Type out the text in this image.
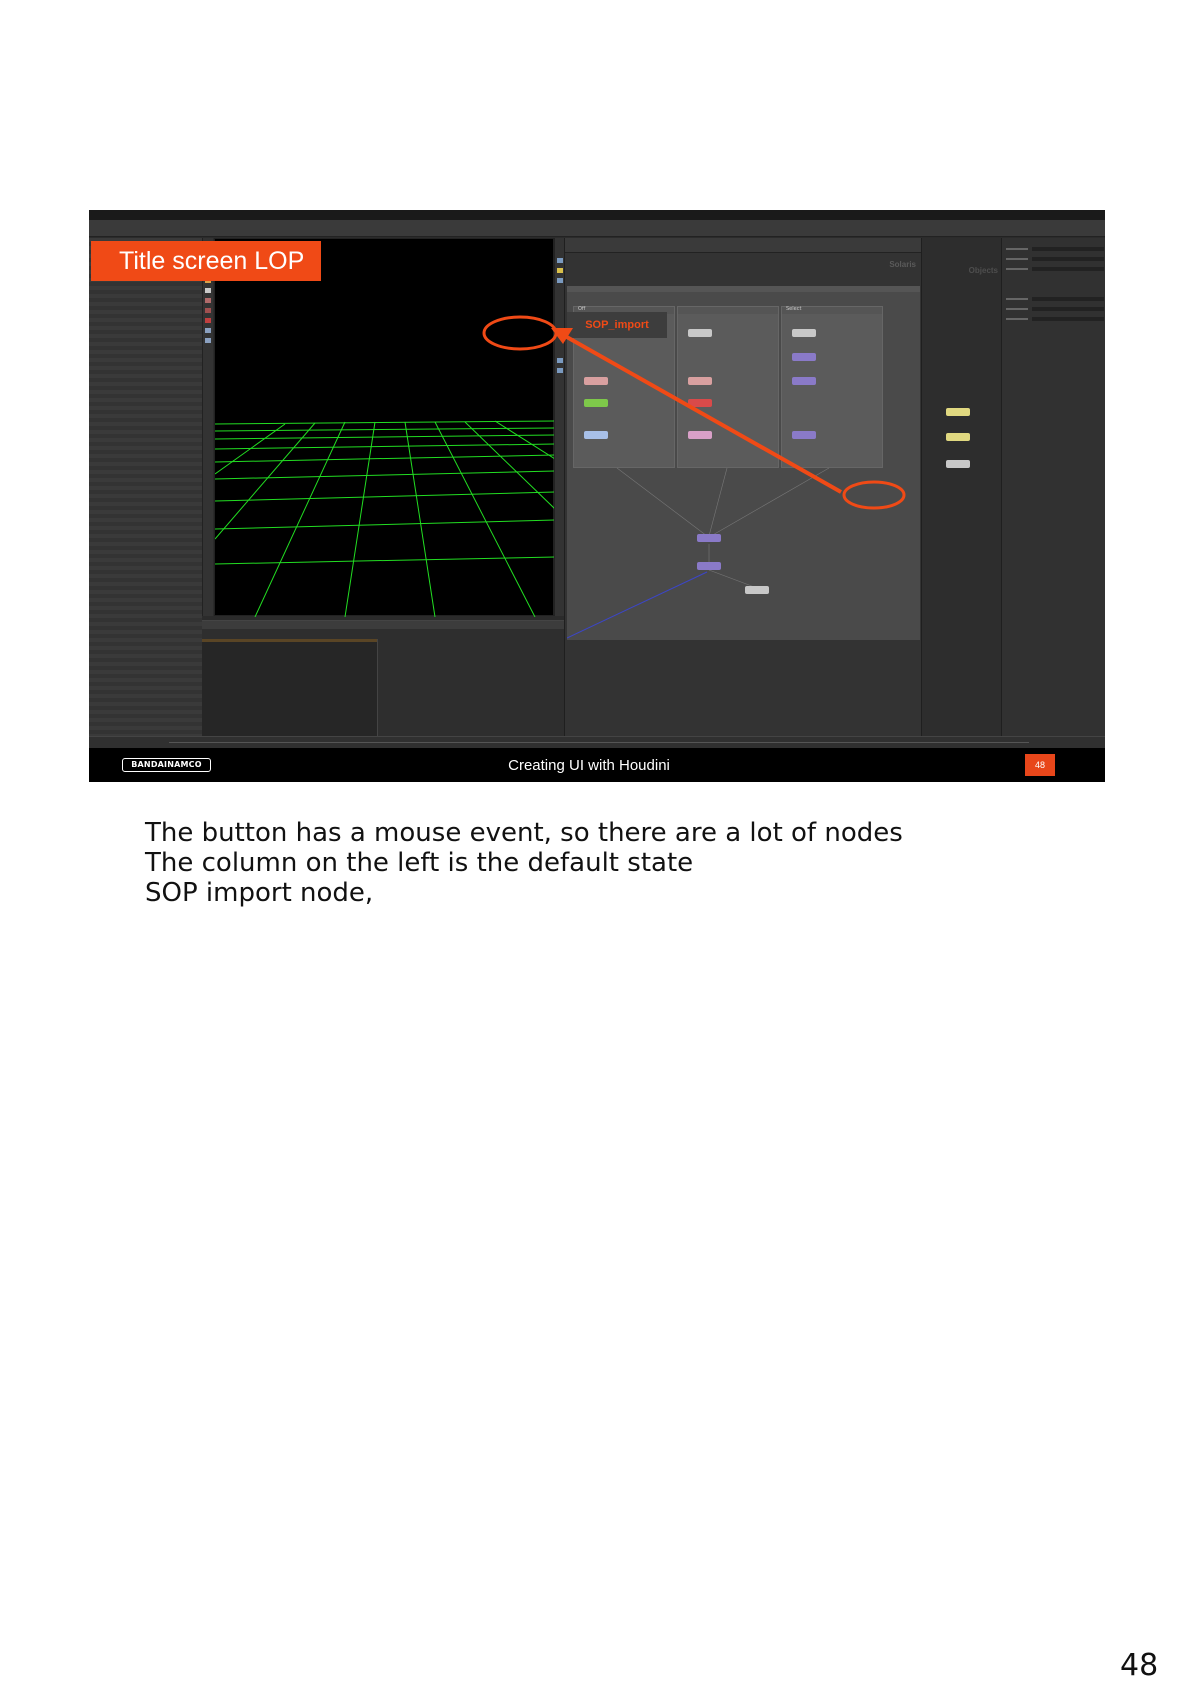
Solaris
Off	Select
Objects
BANDAINAMCO	Creating UI with Houdini	48
Title screen LOP
SOP_import
The button has a mouse event, so there are a lot of nodes
The column on the left is the default state
SOP import node,
48
